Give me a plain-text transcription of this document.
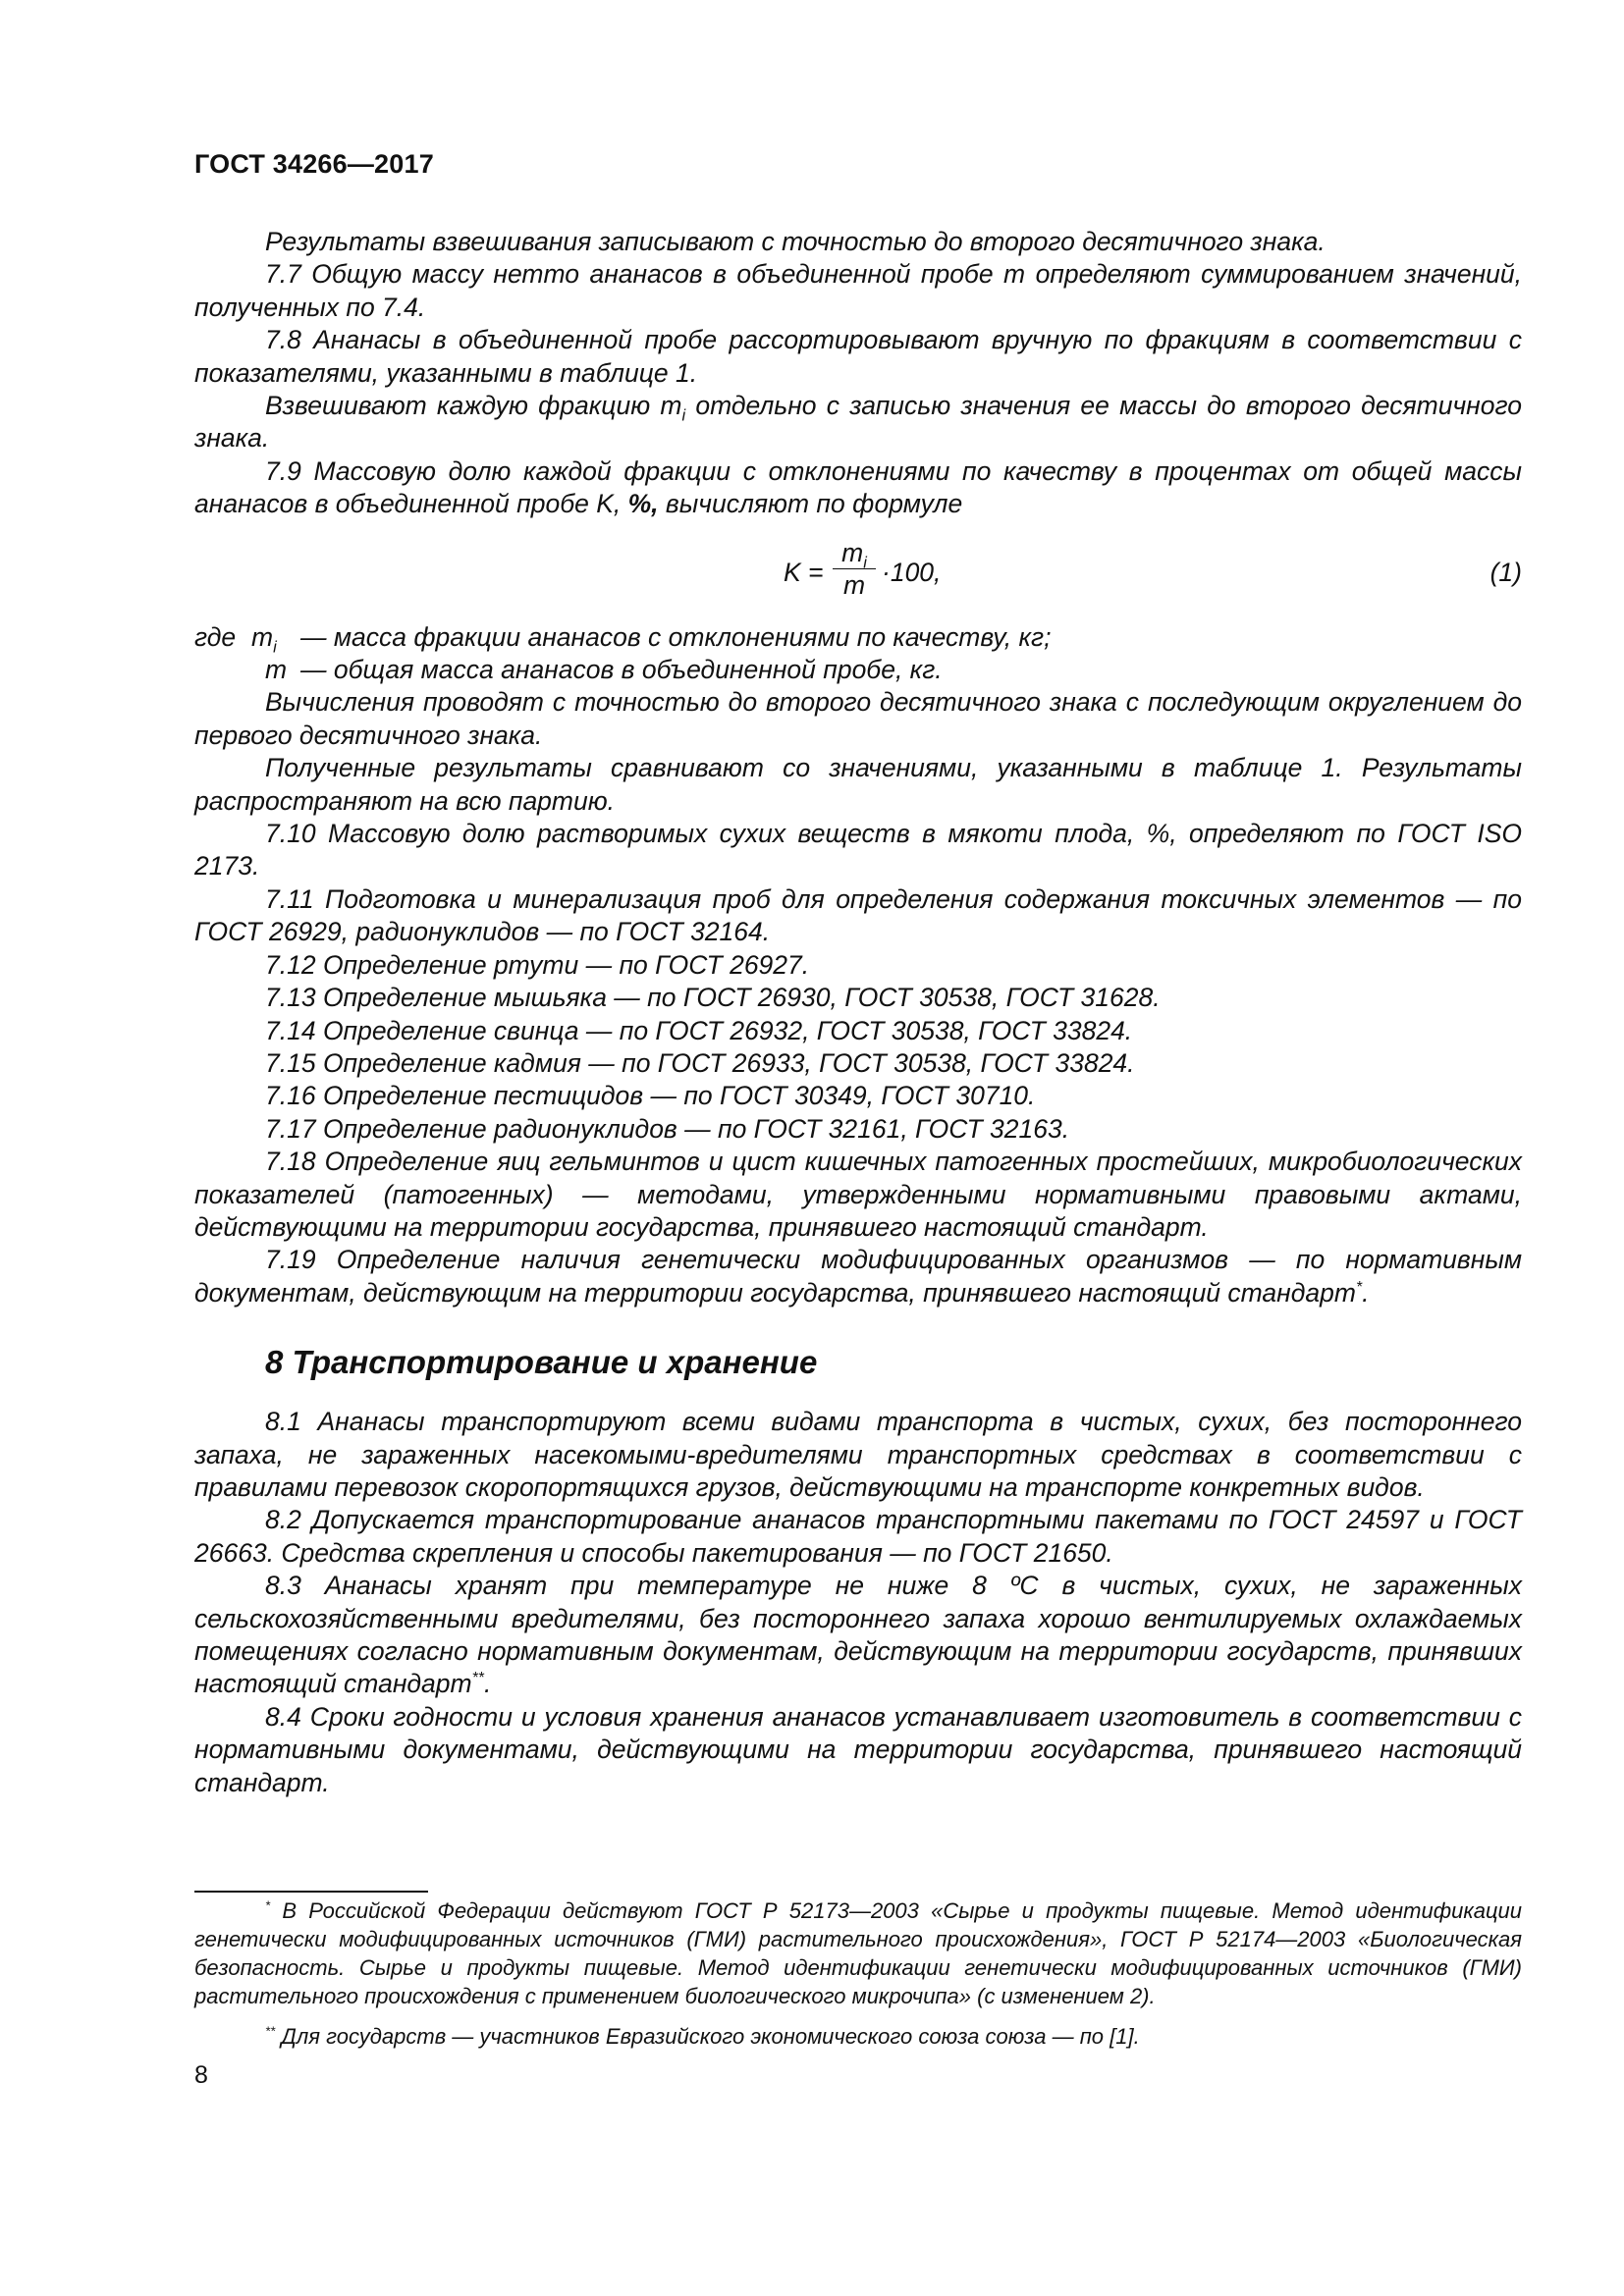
ГОСТ 34266—2017

Результаты взвешивания записывают с точностью до второго десятичного знака.

7.7 Общую массу нетто ананасов в объединенной пробе m определяют суммированием значений, полученных по 7.4.

7.8 Ананасы в объединенной пробе рассортировывают вручную по фракциям в соответствии с показателями, указанными в таблице 1.

Взвешивают каждую фракцию $m_i$ отдельно с записью значения ее массы до второго десятичного знака.

7.9 Массовую долю каждой фракции с отклонениями по качеству в процентах от общей массы ананасов в объединенной пробе K, %, вычисляют по формуле

K =
$m_i$
m ·100,	(1)
где $m_i$ — масса фракции ананасов с отклонениями по качеству, кг;
m — общая масса ананасов в объединенной пробе, кг.

Вычисления проводят с точностью до второго десятичного знака с последующим округлением до первого десятичного знака.

Полученные результаты сравнивают со значениями, указанными в таблице 1. Результаты распространяют на всю партию.

7.10 Массовую долю растворимых сухих веществ в мякоти плода, %, определяют по ГОСТ ISO 2173.

7.11 Подготовка и минерализация проб для определения содержания токсичных элементов — по ГОСТ 26929, радионуклидов — по ГОСТ 32164.

7.12 Определение ртути — по ГОСТ 26927.

7.13 Определение мышьяка — по ГОСТ 26930, ГОСТ 30538, ГОСТ 31628.

7.14 Определение свинца — по ГОСТ 26932, ГОСТ 30538, ГОСТ 33824.

7.15 Определение кадмия — по ГОСТ 26933, ГОСТ 30538, ГОСТ 33824.

7.16 Определение пестицидов — по ГОСТ 30349, ГОСТ 30710.

7.17 Определение радионуклидов — по ГОСТ 32161, ГОСТ 32163.

7.18 Определение яиц гельминтов и цист кишечных патогенных простейших, микробиологических показателей (патогенных) — методами, утвержденными нормативными правовыми актами, действующими на территории государства, принявшего настоящий стандарт.

7.19 Определение наличия генетически модифицированных организмов — по нормативным документам, действующим на территории государства, принявшего настоящий стандарт*.

8 Транспортирование и хранение

8.1 Ананасы транспортируют всеми видами транспорта в чистых, сухих, без постороннего запаха, не зараженных насекомыми-вредителями транспортных средствах в соответствии с правилами перевозок скоропортящихся грузов, действующими на транспорте конкретных видов.

8.2 Допускается транспортирование ананасов транспортными пакетами по ГОСТ 24597 и ГОСТ 26663. Средства скрепления и способы пакетирования — по ГОСТ 21650.

8.3 Ананасы хранят при температуре не ниже 8 ºС в чистых, сухих, не зараженных сельскохозяйственными вредителями, без постороннего запаха хорошо вентилируемых охлаждаемых помещениях согласно нормативным документам, действующим на территории государств, принявших настоящий стандарт**.

8.4 Сроки годности и условия хранения ананасов устанавливает изготовитель в соответствии с нормативными документами, действующими на территории государства, принявшего настоящий стандарт.

* В Российской Федерации действуют ГОСТ Р 52173—2003 «Сырье и продукты пищевые. Метод идентификации генетически модифицированных источников (ГМИ) растительного происхождения», ГОСТ Р 52174—2003 «Биологическая безопасность. Сырье и продукты пищевые. Метод идентификации генетически модифицированных источников (ГМИ) растительного происхождения с применением биологического микрочипа» (с изменением 2).

** Для государств — участников Евразийского экономического союза союза — по [1].

8
